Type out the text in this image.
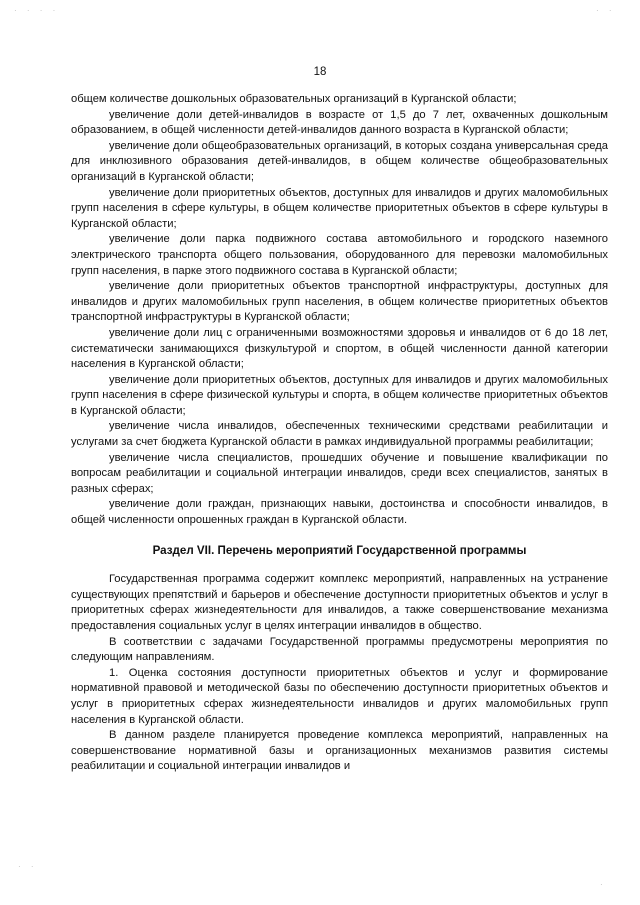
18

общем количестве дошкольных образовательных организаций в Курганской области;

увеличение доли детей-инвалидов в возрасте от 1,5 до 7 лет, охваченных дошкольным образованием, в общей численности детей-инвалидов данного возраста в Курганской области;

увеличение доли общеобразовательных организаций, в которых создана универсальная среда для инклюзивного образования детей-инвалидов, в общем количестве общеобразовательных организаций в Курганской области;

увеличение доли приоритетных объектов, доступных для инвалидов и других маломобильных групп населения в сфере культуры, в общем количестве приоритетных объектов в сфере культуры в Курганской области;

увеличение доли парка подвижного состава автомобильного и городского наземного электрического транспорта общего пользования, оборудованного для перевозки маломобильных групп населения, в парке этого подвижного состава в Курганской области;

увеличение доли приоритетных объектов транспортной инфраструктуры, доступных для инвалидов и других маломобильных групп населения, в общем количестве приоритетных объектов транспортной инфраструктуры в Курганской области;

увеличение доли лиц с ограниченными возможностями здоровья и инвалидов от 6 до 18 лет, систематически занимающихся физкультурой и спортом, в общей численности данной категории населения в Курганской области;

увеличение доли приоритетных объектов, доступных для инвалидов и других маломобильных групп населения в сфере физической культуры и спорта, в общем количестве приоритетных объектов в Курганской области;

увеличение числа инвалидов, обеспеченных техническими средствами реабилитации и услугами за счет бюджета Курганской области в рамках индивидуальной программы реабилитации;

увеличение числа специалистов, прошедших обучение и повышение квалификации по вопросам реабилитации и социальной интеграции инвалидов, среди всех специалистов, занятых в разных сферах;

увеличение доли граждан, признающих навыки, достоинства и способности инвалидов, в общей численности опрошенных граждан в Курганской области.

Раздел VII. Перечень мероприятий Государственной программы

Государственная программа содержит комплекс мероприятий, направленных на устранение существующих препятствий и барьеров и обеспечение доступности приоритетных объектов и услуг в приоритетных сферах жизнедеятельности для инвалидов, а также совершенствование механизма предоставления социальных услуг в целях интеграции инвалидов в общество.

В соответствии с задачами Государственной программы предусмотрены мероприятия по следующим направлениям.

1. Оценка состояния доступности приоритетных объектов и услуг и формирование нормативной правовой и методической базы по обеспечению доступности приоритетных объектов и услуг в приоритетных сферах жизнедеятельности инвалидов и других маломобильных групп населения в Курганской области.

В данном разделе планируется проведение комплекса мероприятий, направленных на совершенствование нормативной базы и организационных механизмов развития системы реабилитации и социальной интеграции инвалидов и

· · · ·	· ·
· ·
·
